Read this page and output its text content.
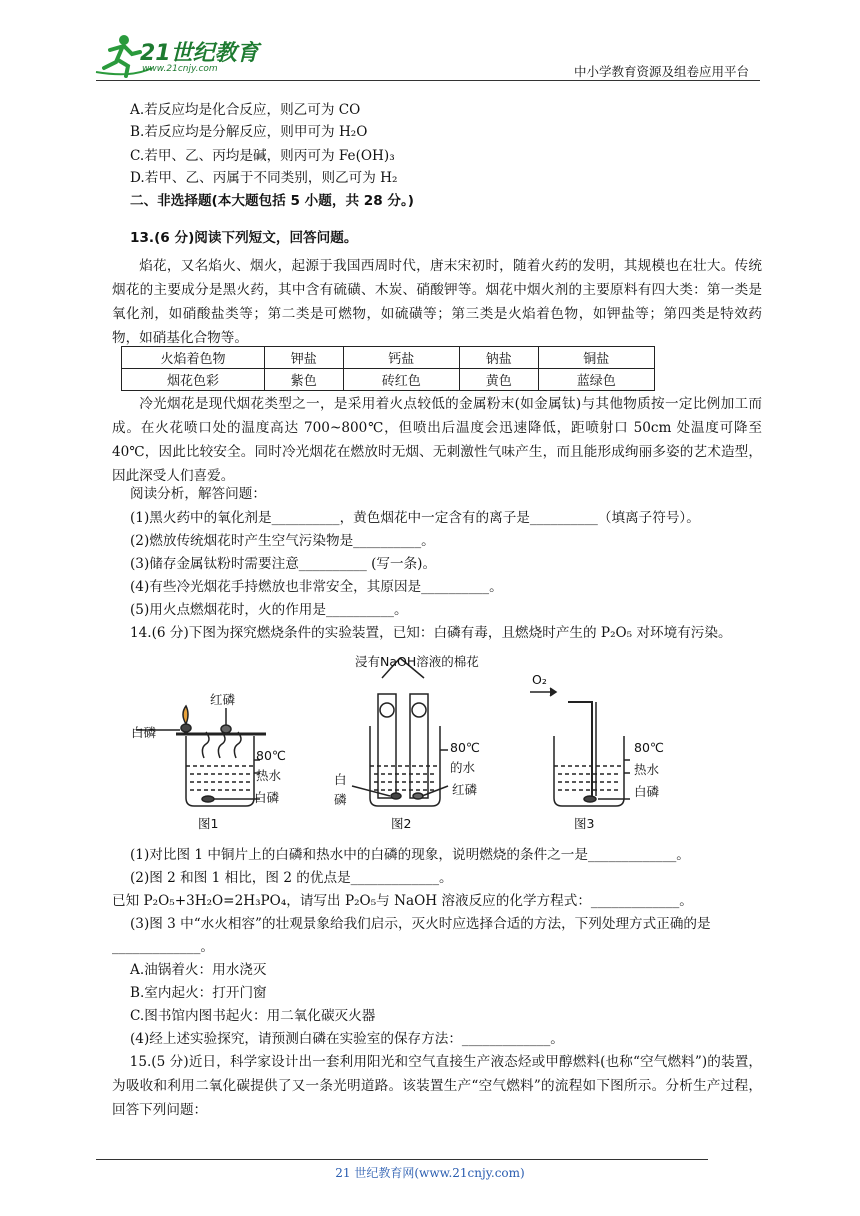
21世纪教育
www.21cnjy.com	中小学教育资源及组卷应用平台
A.若反应均是化合反应，则乙可为 CO
B.若反应均是分解反应，则甲可为 H₂O
C.若甲、乙、丙均是碱，则丙可为 Fe(OH)₃
D.若甲、乙、丙属于不同类别，则乙可为 H₂
二、非选择题(本大题包括 5 小题，共 28 分。)
13.(6 分)阅读下列短文，回答问题。
焰花，又名焰火、烟火，起源于我国西周时代，唐末宋初时，随着火药的发明，其规模也在壮大。传统烟花的主要成分是黑火药，其中含有硫磺、木炭、硝酸钾等。烟花中烟火剂的主要原料有四大类：第一类是氧化剂，如硝酸盐类等；第二类是可燃物，如硫磺等；第三类是火焰着色物，如钾盐等；第四类是特效药物，如硝基化合物等。
火焰着色物	钾盐	钙盐	钠盐	铜盐
烟花色彩	紫色	砖红色	黄色	蓝绿色
冷光烟花是现代烟花类型之一，是采用着火点较低的金属粉末(如金属钛)与其他物质按一定比例加工而成。在火花喷口处的温度高达 700~800℃，但喷出后温度会迅速降低，距喷射口 50cm 处温度可降至 40℃，因此比较安全。同时冷光烟花在燃放时无烟、无刺激性气味产生，而且能形成绚丽多姿的艺术造型，因此深受人们喜爱。
阅读分析，解答问题：
(1)黑火药中的氧化剂是__________，黄色烟花中一定含有的离子是__________（填离子符号）。
(2)燃放传统烟花时产生空气污染物是__________。
(3)储存金属钛粉时需要注意__________ (写一条)。
(4)有些冷光烟花手持燃放也非常安全，其原因是__________。
(5)用火点燃烟花时，火的作用是__________。
14.(6 分)下图为探究燃烧条件的实验装置，已知：白磷有毒，且燃烧时产生的 P₂O₅ 对环境有污染。
浸有NaOH溶液的棉花
O₂
红磷
白磷
80℃
热水
白磷
80℃
的水
红磷
白
磷
80℃
热水
白磷
图1	图2	图3
(1)对比图 1 中铜片上的白磷和热水中的白磷的现象，说明燃烧的条件之一是_____________。
(2)图 2 和图 1 相比，图 2 的优点是_____________。
已知 P₂O₅+3H₂O=2H₃PO₄，请写出 P₂O₅与 NaOH 溶液反应的化学方程式：_____________。
(3)图 3 中“水火相容”的壮观景象给我们启示，灭火时应选择合适的方法，下列处理方式正确的是
_____________。
A.油锅着火：用水浇灭
B.室内起火：打开门窗
C.图书馆内图书起火：用二氧化碳灭火器
(4)经上述实验探究，请预测白磷在实验室的保存方法：_____________。
15.(5 分)近日，科学家设计出一套利用阳光和空气直接生产液态烃或甲醇燃料(也称“空气燃料”)的装置，为吸收和利用二氧化碳提供了又一条光明道路。该装置生产“空气燃料”的流程如下图所示。分析生产过程，回答下列问题：
21 世纪教育网(www.21cnjy.com)
